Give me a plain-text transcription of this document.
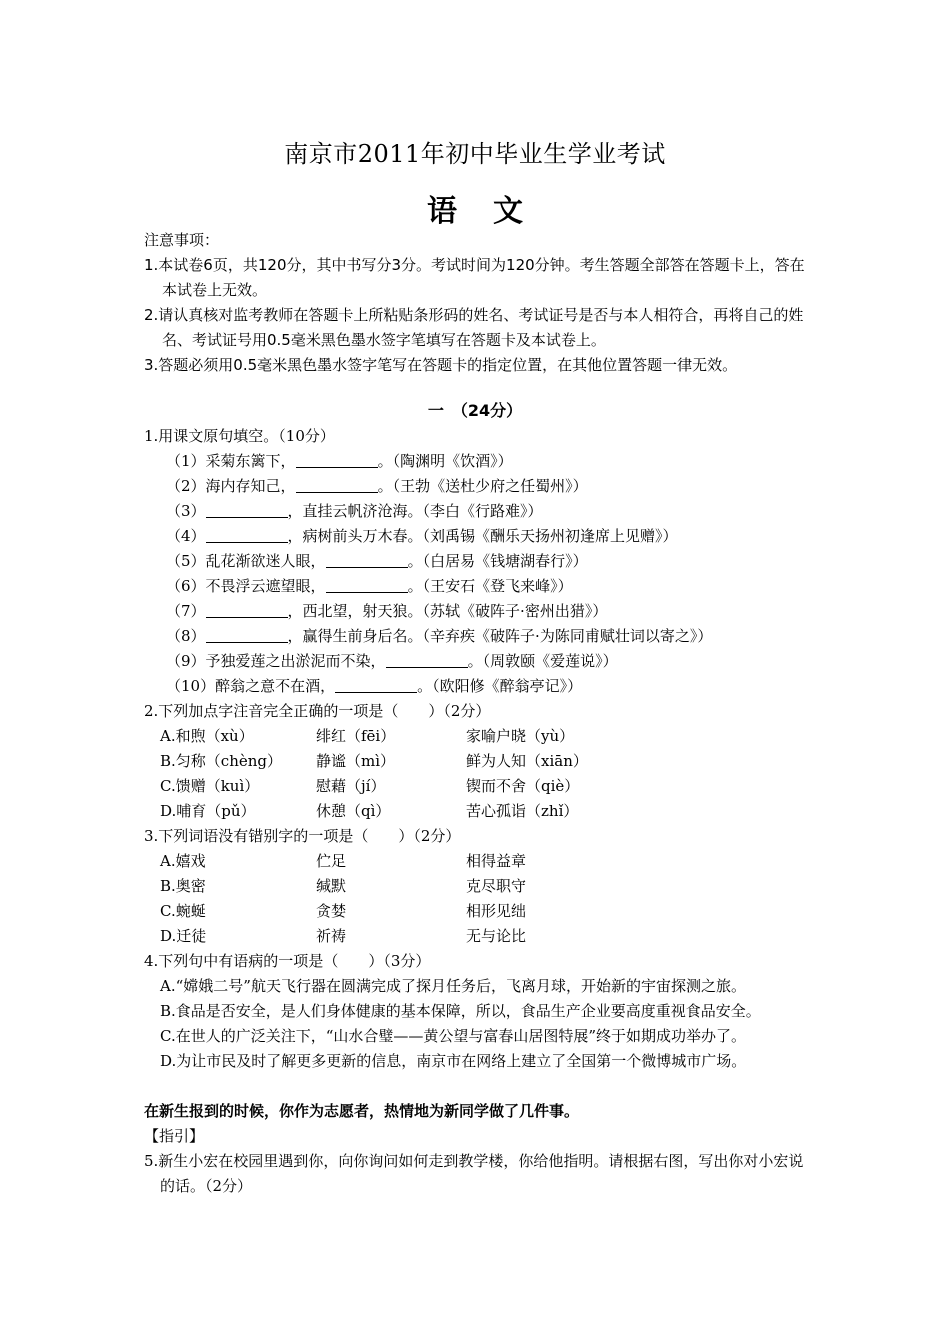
南京市2011年初中毕业生学业考试
语文
注意事项：
1.本试卷6页，共120分，其中书写分3分。考试时间为120分钟。考生答题全部答在答题卡上，答在本试卷上无效。
2.请认真核对监考教师在答题卡上所粘贴条形码的姓名、考试证号是否与本人相符合，再将自己的姓名、考试证号用0.5毫米黑色墨水签字笔填写在答题卡及本试卷上。
3.答题必须用0.5毫米黑色墨水签字笔写在答题卡的指定位置，在其他位置答题一律无效。
一　（24分）
1.用课文原句填空。（10分）
（1）采菊东篱下，	。（陶渊明《饮酒》）
（2）海内存知己，	。（王勃《送杜少府之任蜀州》）
（3）	，直挂云帆济沧海。（李白《行路难》）
（4）	，病树前头万木春。（刘禹锡《酬乐天扬州初逢席上见赠》）
（5）乱花渐欲迷人眼，	。（白居易《钱塘湖春行》）
（6）不畏浮云遮望眼，	。（王安石《登飞来峰》）
（7）	，西北望，射天狼。（苏轼《破阵子·密州出猎》）
（8）	，赢得生前身后名。（辛弃疾《破阵子·为陈同甫赋壮词以寄之》）
（9）予独爱莲之出淤泥而不染，	。（周敦颐《爱莲说》）
（10）醉翁之意不在酒，	。（欧阳修《醉翁亭记》）
2.下列加点字注音完全正确的一项是（　　）（2分）
A.和煦（xù）	绯红（fēi）	家喻户晓（yù）
B.匀称（chèng）	静谧（mì）	鲜为人知（xiān）
C.馈赠（kuì）	慰藉（jí）	锲而不舍（qiè）
D.哺育（pǔ）	休憩（qì）	苦心孤诣（zhǐ）
3.下列词语没有错别字的一项是（　　）（2分）
A.嬉戏	伫足	相得益章
B.奥密	缄默	克尽职守
C.蜿蜒	贪婪	相形见绌
D.迁徒	祈祷	无与论比
4.下列句中有语病的一项是（　　）（3分）
A.“嫦娥二号”航天飞行器在圆满完成了探月任务后，飞离月球，开始新的宇宙探测之旅。
B.食品是否安全，是人们身体健康的基本保障，所以，食品生产企业要高度重视食品安全。
C.在世人的广泛关注下，“山水合璧——黄公望与富春山居图特展”终于如期成功举办了。
D.为让市民及时了解更多更新的信息，南京市在网络上建立了全国第一个微博城市广场。
在新生报到的时候，你作为志愿者，热情地为新同学做了几件事。
【指引】
5.新生小宏在校园里遇到你，向你询问如何走到教学楼，你给他指明。请根据右图，写出你对小宏说的话。（2分）
